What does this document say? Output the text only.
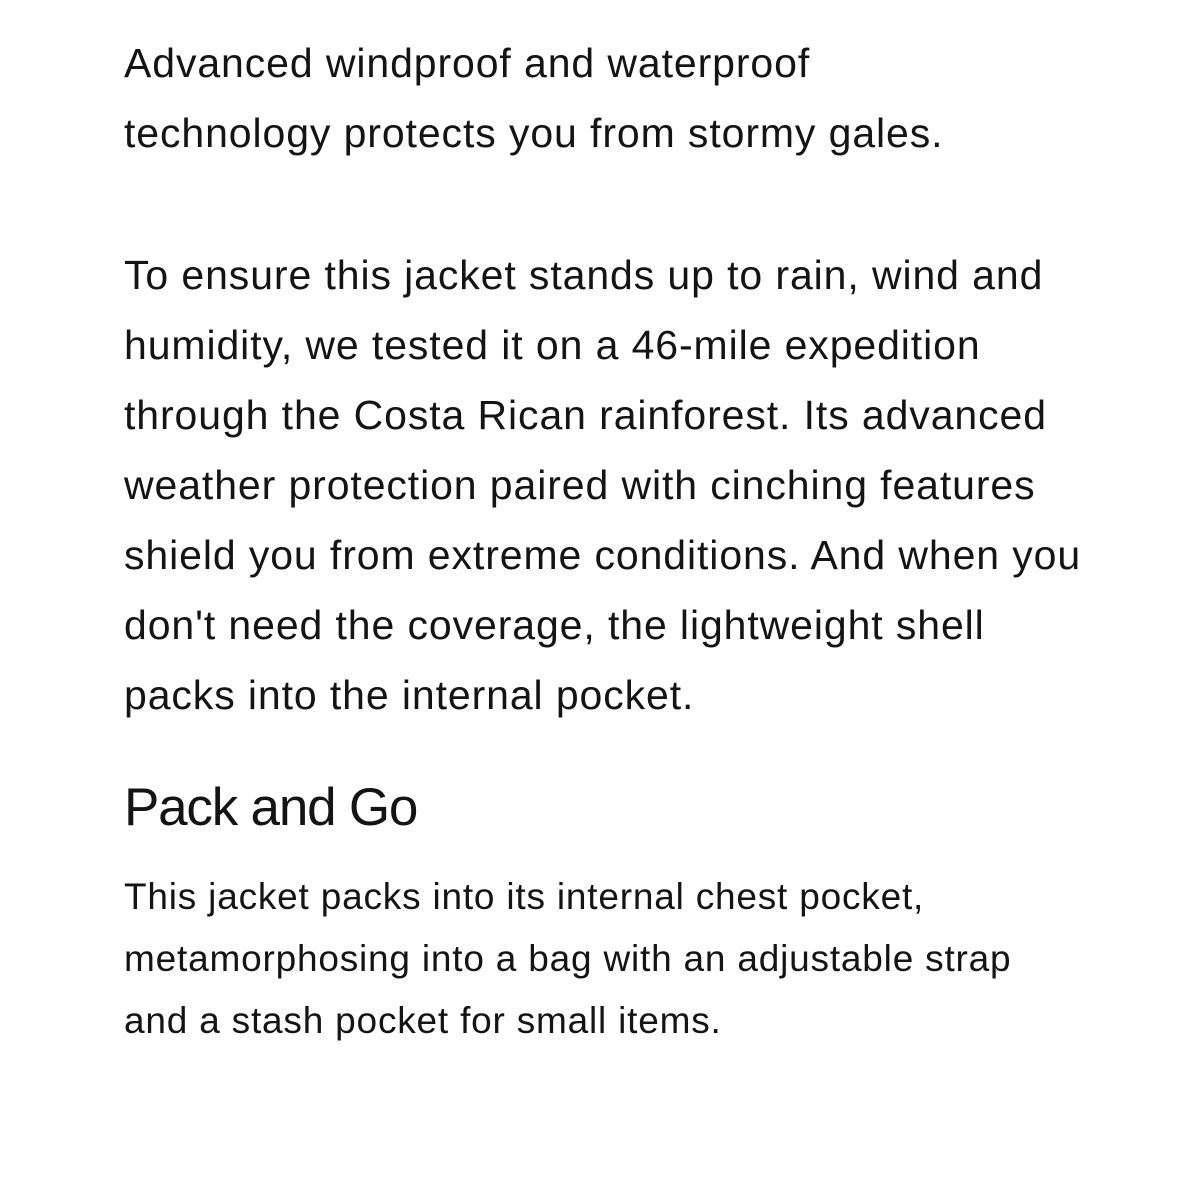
Advanced windproof and waterproof technology protects you from stormy gales.

To ensure this jacket stands up to rain, wind and humidity, we tested it on a 46-mile expedition through the Costa Rican rainforest. Its advanced weather protection paired with cinching features shield you from extreme conditions. And when you don't need the coverage, the lightweight shell packs into the internal pocket.

Pack and Go

This jacket packs into its internal chest pocket, metamorphosing into a bag with an adjustable strap and a stash pocket for small items.
